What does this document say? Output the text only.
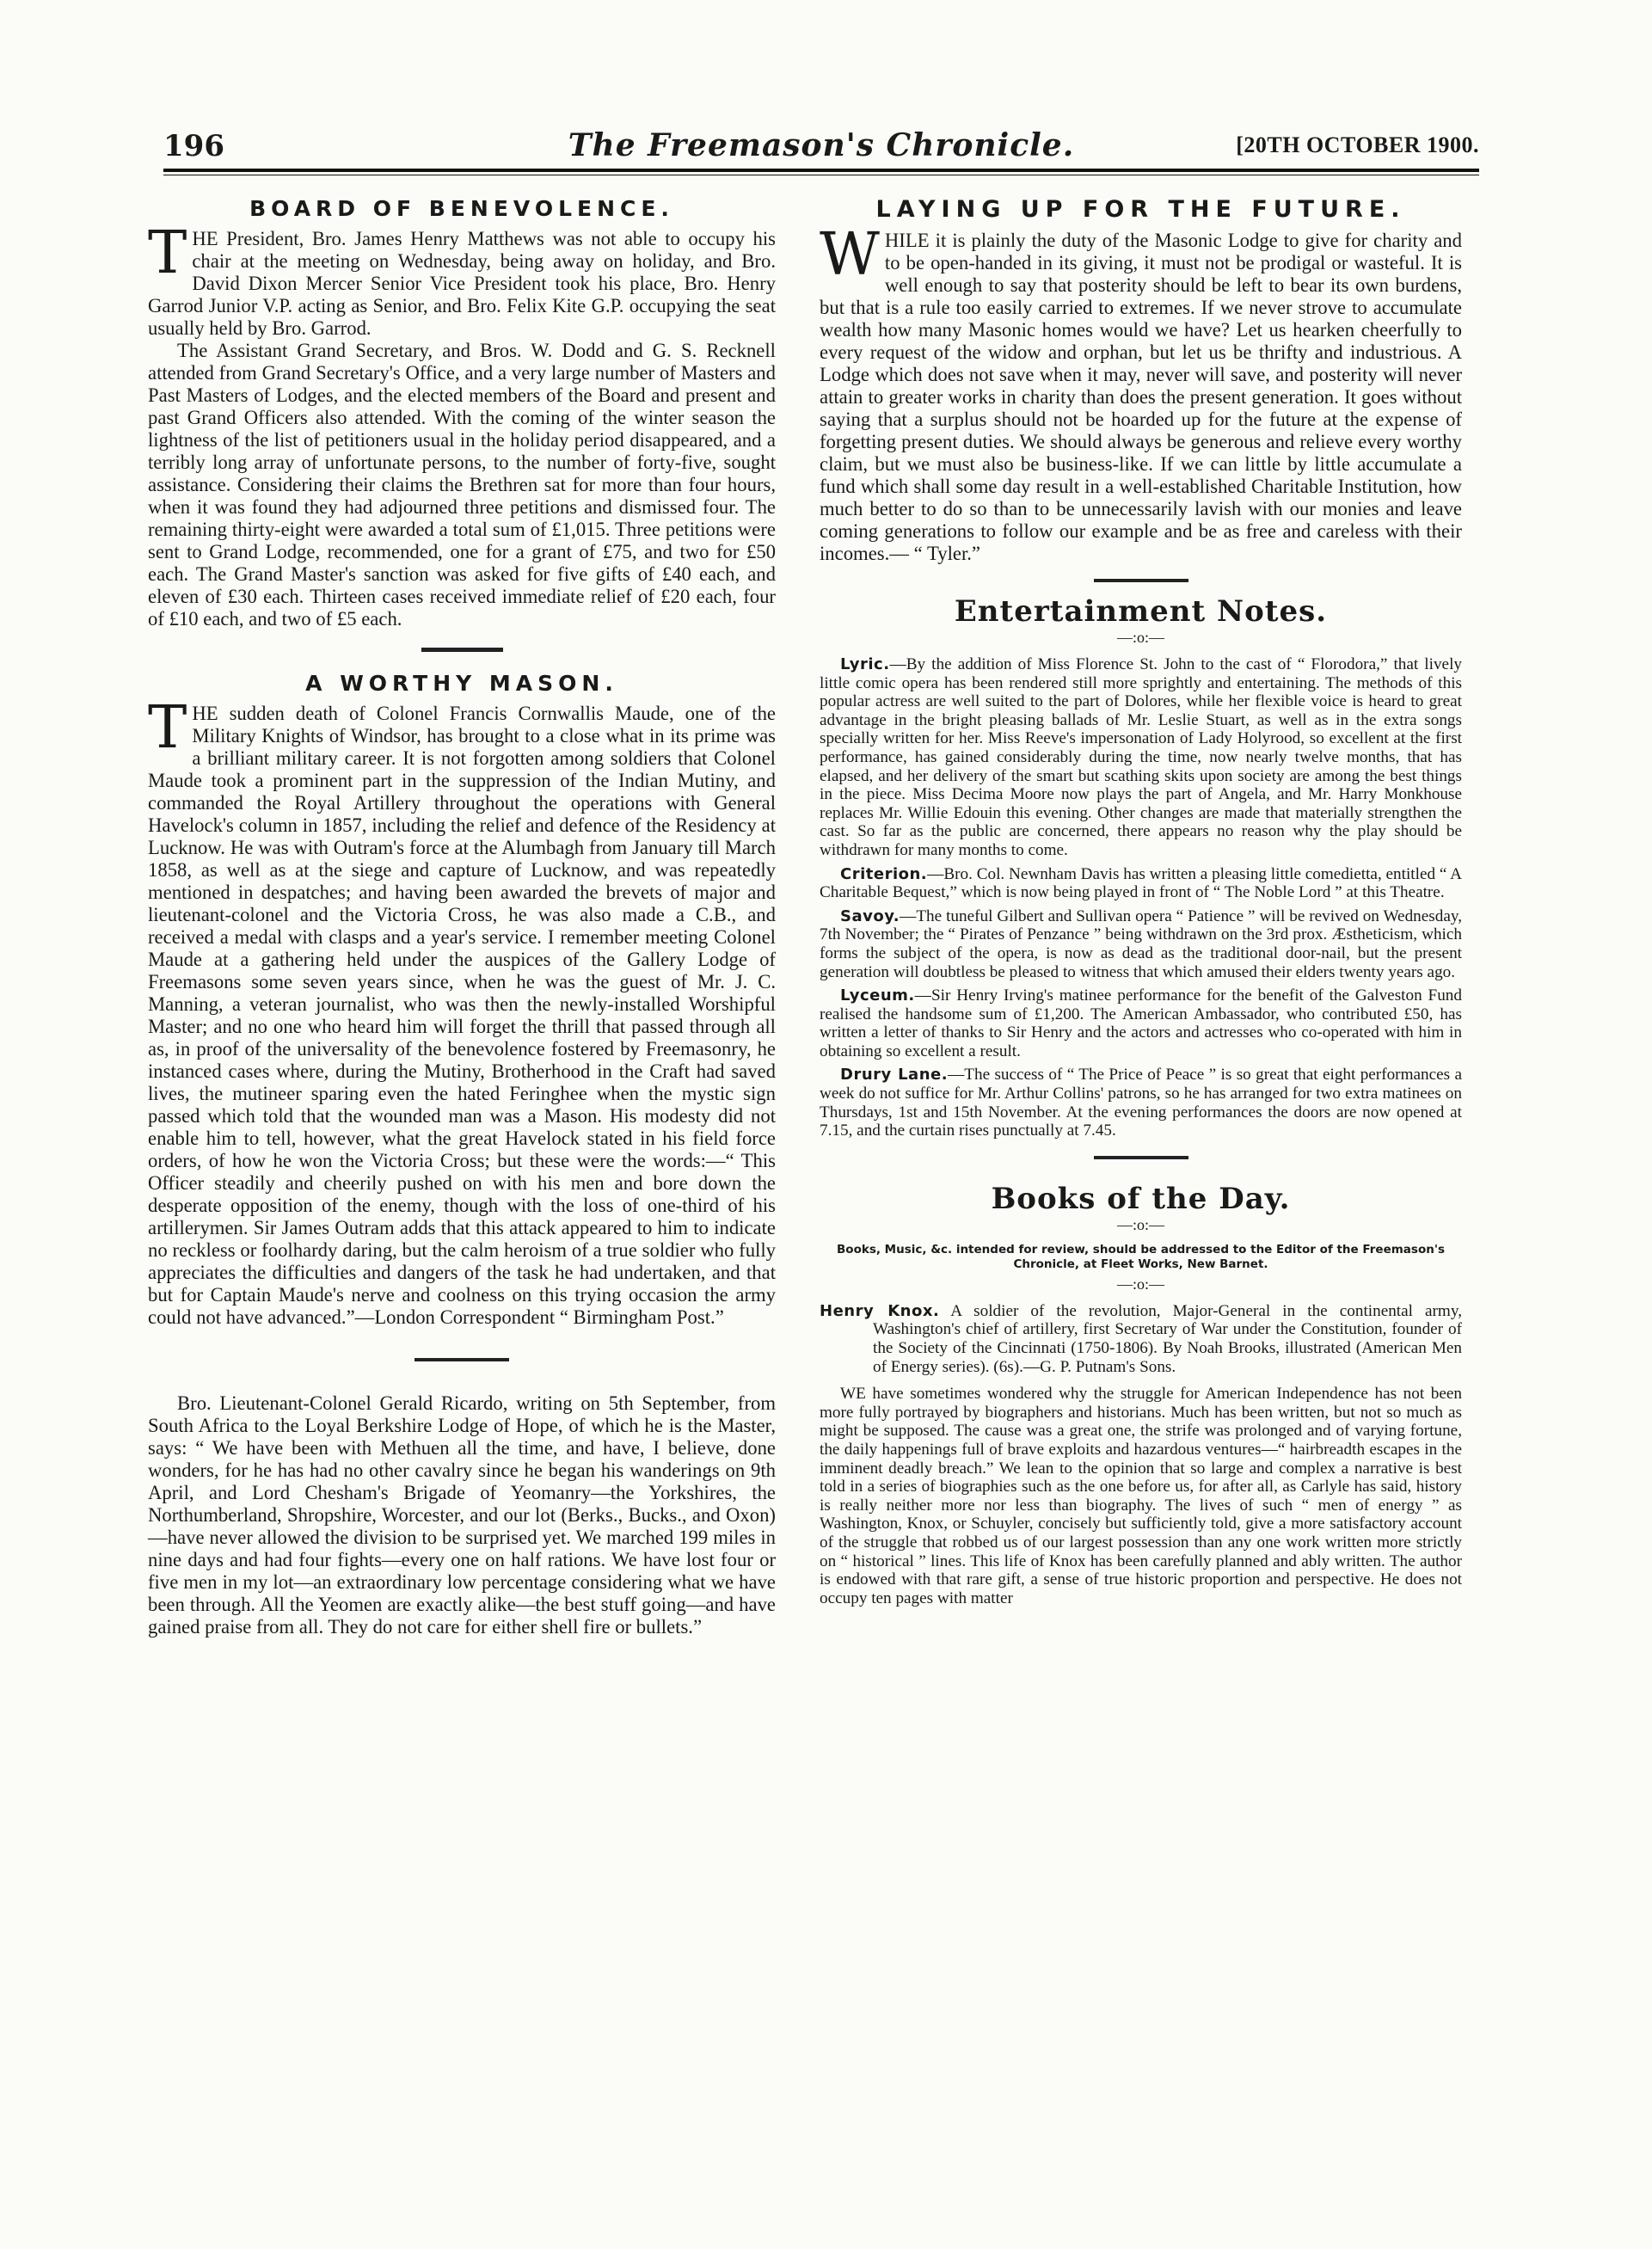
196	The Freemason's Chronicle.	[20TH OCTOBER 1900.
BOARD OF BENEVOLENCE.

THE President, Bro. James Henry Matthews was not able to occupy his chair at the meeting on Wednesday, being away on holiday, and Bro. David Dixon Mercer Senior Vice President took his place, Bro. Henry Garrod Junior V.P. acting as Senior, and Bro. Felix Kite G.P. occupying the seat usually held by Bro. Garrod.

The Assistant Grand Secretary, and Bros. W. Dodd and G. S. Recknell attended from Grand Secretary's Office, and a very large number of Masters and Past Masters of Lodges, and the elected members of the Board and present and past Grand Officers also attended. With the coming of the winter season the lightness of the list of petitioners usual in the holiday period disappeared, and a terribly long array of unfortunate persons, to the number of forty-five, sought assistance. Considering their claims the Brethren sat for more than four hours, when it was found they had adjourned three petitions and dismissed four. The remaining thirty-eight were awarded a total sum of £1,015. Three petitions were sent to Grand Lodge, recommended, one for a grant of £75, and two for £50 each. The Grand Master's sanction was asked for five gifts of £40 each, and eleven of £30 each. Thirteen cases received immediate relief of £20 each, four of £10 each, and two of £5 each.

A WORTHY MASON.

THE sudden death of Colonel Francis Cornwallis Maude, one of the Military Knights of Windsor, has brought to a close what in its prime was a brilliant military career. It is not forgotten among soldiers that Colonel Maude took a prominent part in the suppression of the Indian Mutiny, and commanded the Royal Artillery throughout the operations with General Havelock's column in 1857, including the relief and defence of the Residency at Lucknow. He was with Outram's force at the Alumbagh from January till March 1858, as well as at the siege and capture of Lucknow, and was repeatedly mentioned in despatches; and having been awarded the brevets of major and lieutenant-colonel and the Victoria Cross, he was also made a C.B., and received a medal with clasps and a year's service. I remember meeting Colonel Maude at a gathering held under the auspices of the Gallery Lodge of Freemasons some seven years since, when he was the guest of Mr. J. C. Manning, a veteran journalist, who was then the newly-installed Worshipful Master; and no one who heard him will forget the thrill that passed through all as, in proof of the universality of the benevolence fostered by Freemasonry, he instanced cases where, during the Mutiny, Brotherhood in the Craft had saved lives, the mutineer sparing even the hated Feringhee when the mystic sign passed which told that the wounded man was a Mason. His modesty did not enable him to tell, however, what the great Havelock stated in his field force orders, of how he won the Victoria Cross; but these were the words:—“ This Officer steadily and cheerily pushed on with his men and bore down the desperate opposition of the enemy, though with the loss of one-third of his artillerymen. Sir James Outram adds that this attack appeared to him to indicate no reckless or foolhardy daring, but the calm heroism of a true soldier who fully appreciates the difficulties and dangers of the task he had undertaken, and that but for Captain Maude's nerve and coolness on this trying occasion the army could not have advanced.”—London Correspondent “ Birmingham Post.”

Bro. Lieutenant-Colonel Gerald Ricardo, writing on 5th September, from South Africa to the Loyal Berkshire Lodge of Hope, of which he is the Master, says: “ We have been with Methuen all the time, and have, I believe, done wonders, for he has had no other cavalry since he began his wanderings on 9th April, and Lord Chesham's Brigade of Yeomanry—the Yorkshires, the Northumberland, Shropshire, Worcester, and our lot (Berks., Bucks., and Oxon)—have never allowed the division to be surprised yet. We marched 199 miles in nine days and had four fights—every one on half rations. We have lost four or five men in my lot—an extraordinary low percentage considering what we have been through. All the Yeomen are exactly alike—the best stuff going—and have gained praise from all. They do not care for either shell fire or bullets.”

LAYING UP FOR THE FUTURE.

WHILE it is plainly the duty of the Masonic Lodge to give for charity and to be open-handed in its giving, it must not be prodigal or wasteful. It is well enough to say that posterity should be left to bear its own burdens, but that is a rule too easily carried to extremes. If we never strove to accumulate wealth how many Masonic homes would we have? Let us hearken cheerfully to every request of the widow and orphan, but let us be thrifty and industrious. A Lodge which does not save when it may, never will save, and posterity will never attain to greater works in charity than does the present generation. It goes without saying that a surplus should not be hoarded up for the future at the expense of forgetting present duties. We should always be generous and relieve every worthy claim, but we must also be business-like. If we can little by little accumulate a fund which shall some day result in a well-established Charitable Institution, how much better to do so than to be unnecessarily lavish with our monies and leave coming generations to follow our example and be as free and careless with their incomes.— “ Tyler.”

Entertainment Notes.
—:o:—

Lyric.—By the addition of Miss Florence St. John to the cast of “ Florodora,” that lively little comic opera has been rendered still more sprightly and entertaining. The methods of this popular actress are well suited to the part of Dolores, while her flexible voice is heard to great advantage in the bright pleasing ballads of Mr. Leslie Stuart, as well as in the extra songs specially written for her. Miss Reeve's impersonation of Lady Holyrood, so excellent at the first performance, has gained considerably during the time, now nearly twelve months, that has elapsed, and her delivery of the smart but scathing skits upon society are among the best things in the piece. Miss Decima Moore now plays the part of Angela, and Mr. Harry Monkhouse replaces Mr. Willie Edouin this evening. Other changes are made that materially strengthen the cast. So far as the public are concerned, there appears no reason why the play should be withdrawn for many months to come.

Criterion.—Bro. Col. Newnham Davis has written a pleasing little comedietta, entitled “ A Charitable Bequest,” which is now being played in front of “ The Noble Lord ” at this Theatre.

Savoy.—The tuneful Gilbert and Sullivan opera “ Patience ” will be revived on Wednesday, 7th November; the “ Pirates of Penzance ” being withdrawn on the 3rd prox. Æstheticism, which forms the subject of the opera, is now as dead as the traditional door-nail, but the present generation will doubtless be pleased to witness that which amused their elders twenty years ago.

Lyceum.—Sir Henry Irving's matinee performance for the benefit of the Galveston Fund realised the handsome sum of £1,200. The American Ambassador, who contributed £50, has written a letter of thanks to Sir Henry and the actors and actresses who co-operated with him in obtaining so excellent a result.

Drury Lane.—The success of “ The Price of Peace ” is so great that eight performances a week do not suffice for Mr. Arthur Collins' patrons, so he has arranged for two extra matinees on Thursdays, 1st and 15th November. At the evening performances the doors are now opened at 7.15, and the curtain rises punctually at 7.45.

Books of the Day.
—:o:—
Books, Music, &c. intended for review, should be addressed to the Editor of the Freemason's Chronicle, at Fleet Works, New Barnet.
—:o:—
Henry Knox. A soldier of the revolution, Major-General in the continental army, Washington's chief of artillery, first Secretary of War under the Constitution, founder of the Society of the Cincinnati (1750-1806). By Noah Brooks, illustrated (American Men of Energy series). (6s).—G. P. Putnam's Sons.

WE have sometimes wondered why the struggle for American Independence has not been more fully portrayed by biographers and historians. Much has been written, but not so much as might be supposed. The cause was a great one, the strife was prolonged and of varying fortune, the daily happenings full of brave exploits and hazardous ventures—“ hairbreadth escapes in the imminent deadly breach.” We lean to the opinion that so large and complex a narrative is best told in a series of biographies such as the one before us, for after all, as Carlyle has said, history is really neither more nor less than biography. The lives of such “ men of energy ” as Washington, Knox, or Schuyler, concisely but sufficiently told, give a more satisfactory account of the struggle that robbed us of our largest possession than any one work written more strictly on “ historical ” lines. This life of Knox has been carefully planned and ably written. The author is endowed with that rare gift, a sense of true historic proportion and perspective. He does not occupy ten pages with matter
